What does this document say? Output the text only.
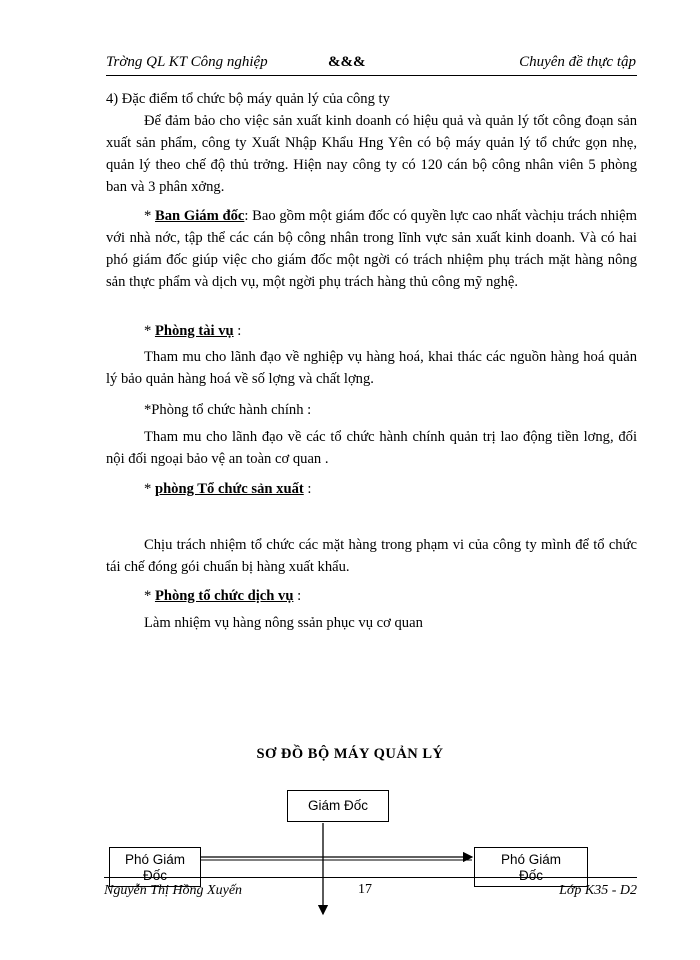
Trờng QL KT Công nghiệp	&&&	Chuyên đề thực tập
4) Đặc điểm tổ chức bộ máy quản lý của công ty
Để đảm bảo cho việc sản xuất kinh doanh có hiệu quả và quản lý tốt công đoạn sản xuất sản phẩm, công ty Xuất Nhập Khẩu Hng Yên có bộ máy quản lý tổ chức gọn nhẹ, quản lý theo chế độ thủ trởng. Hiện nay công ty có 120 cán bộ công nhân viên 5 phòng ban và 3 phân xởng.
* Ban Giám đốc: Bao gồm một giám đốc có quyền lực cao nhất vàchịu trách nhiệm với nhà nớc, tập thể các cán bộ công nhân trong lĩnh vực sản xuất kinh doanh. Và có hai phó giám đốc giúp việc cho giám đốc một ngời có trách nhiệm phụ trách mặt hàng nông sản thực phẩm và dịch vụ, một ngời phụ trách hàng thủ công mỹ nghệ.
* Phòng tài vụ :
Tham mu cho lãnh đạo về nghiệp vụ hàng hoá, khai thác các nguồn hàng hoá quản lý bảo quản hàng hoá về số lợng và chất lợng.
*Phòng tổ chức hành chính :
Tham mu cho lãnh đạo về các tổ chức hành chính quản trị lao động tiền lơng, đối nội đối ngoại bảo vệ an toàn cơ quan .
* phòng Tổ chức sản xuất :
Chịu trách nhiệm tổ chức các mặt hàng trong phạm vi của công ty mình để tổ chức tái chế đóng gói chuẩn bị hàng xuất khẩu.
* Phòng tổ chức dịch vụ :
Làm nhiệm vụ hàng nông ssản phục vụ cơ quan
SƠ ĐỒ BỘ MÁY QUẢN LÝ
Giám Đốc
Phó Giám
Đốc
Phó Giám
Đốc
Nguyễn Thị Hồng Xuyến	17	Lớp K35 - D2
